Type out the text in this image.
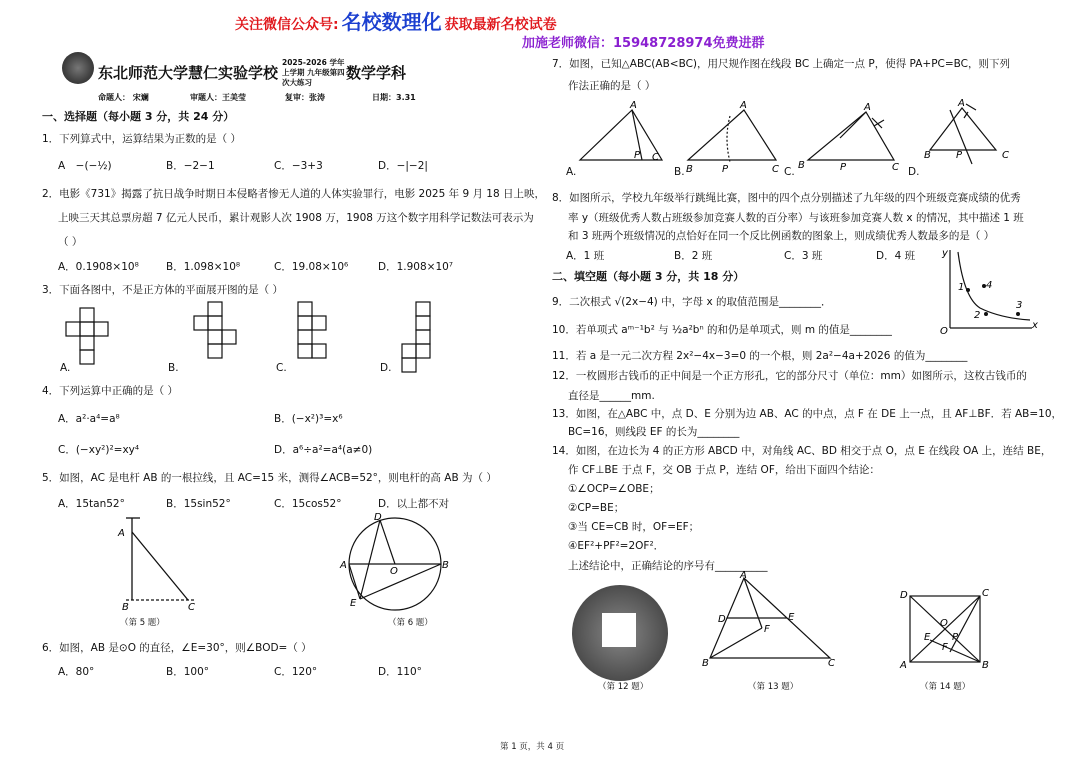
关注微信公众号: 名校数理化 获取最新名校试卷
加施老师微信：15948728974免费进群
东北师范大学慧仁实验学校
2025-2026 学年上学期 九年级第四次大练习
数学学科
命题人： 宋斓	审题人：王美莹	复审：张涛	日期：3.31
一、选择题（每小题 3 分，共 24 分）
1．下列算式中，运算结果为正数的是（ ）
A　−(−½)	B．−2−1	C．−3+3	D．−|−2|
2．电影《731》揭露了抗日战争时期日本侵略者惨无人道的人体实验罪行，电影 2025 年 9 月 18 日上映，
上映三天其总票房超 7 亿元人民币，累计观影人次 1908 万，1908 万这个数字用科学记数法可表示为
（ ）
A．0.1908×10⁸	B．1.098×10⁸	C．19.08×10⁶	D．1.908×10⁷
3．下面各图中，不是正方体的平面展开图的是（ ）
A.	B.	C.	D.
4．下列运算中正确的是（ ）
A．a²·a⁴=a⁸	B．(−x²)³=x⁶
C．(−xy²)²=xy⁴	D．a⁶÷a²=a⁴(a≠0)
5．如图，AC 是电杆 AB 的一根拉线，且 AC=15 米，测得∠ACB=52°，则电杆的高 AB 为（ ）
A．15tan52°	B．15sin52°	C．15cos52°	D．以上都不对
A
B	C
（第 5 题）
D
A	B
O
E
（第 6 题）
6．如图，AB 是⊙O 的直径，∠E=30°，则∠BOD=（ ）
A．80°	B．100°	C．120°	D．110°
7．如图，已知△ABC(AB<BC)，用尺规作图在线段 BC 上确定一点 P，使得 PA+PC=BC，则下列
作法正确的是（ ）
A
P C
A
B	P	C
A
B	P	C
A
B	P	C
A.	B.	C.	D.
8．如图所示，学校九年级举行跳绳比赛，图中的四个点分别描述了九年级的四个班级竞赛成绩的优秀
率 y（班级优秀人数占班级参加竞赛人数的百分率）与该班参加竞赛人数 x 的情况，其中描述 1 班
和 3 班两个班级情况的点恰好在同一个反比例函数的图象上，则成绩优秀人数最多的是（ ）
A．1 班	B．2 班	C．3 班	D．4 班	y
x
O
1
2
3
4
二、填空题（每小题 3 分，共 18 分）
9．二次根式 √(2x−4) 中，字母 x 的取值范围是________．
10．若单项式 aᵐ⁻¹b² 与 ½a²bⁿ 的和仍是单项式，则 m 的值是________
11．若 a 是一元二次方程 2x²−4x−3=0 的一个根，则 2a²−4a+2026 的值为________
12．一枚圆形古钱币的正中间是一个正方形孔，它的部分尺寸（单位：mm）如图所示，这枚古钱币的
直径是______mm.
13．如图，在△ABC 中，点 D、E 分别为边 AB、AC 的中点，点 F 在 DE 上一点，且 AF⊥BF．若 AB=10，
BC=16，则线段 EF 的长为________
14．如图，在边长为 4 的正方形 ABCD 中，对角线 AC、BD 相交于点 O，点 E 在线段 OA 上，连结 BE，
作 CF⊥BE 于点 F，交 OB 于点 P，连结 OF，给出下面四个结论：
①∠OCP=∠OBE；
②CP=BE；
③当 CE=CB 时，OF=EF；
④EF²+PF²=2OF²．
上述结论中，正确结论的序号有__________
A
D	E
F
B	C
D	C
O
E P
F
A	B
（第 12 题）	（第 13 题）	（第 14 题）
第 1 页，共 4 页
